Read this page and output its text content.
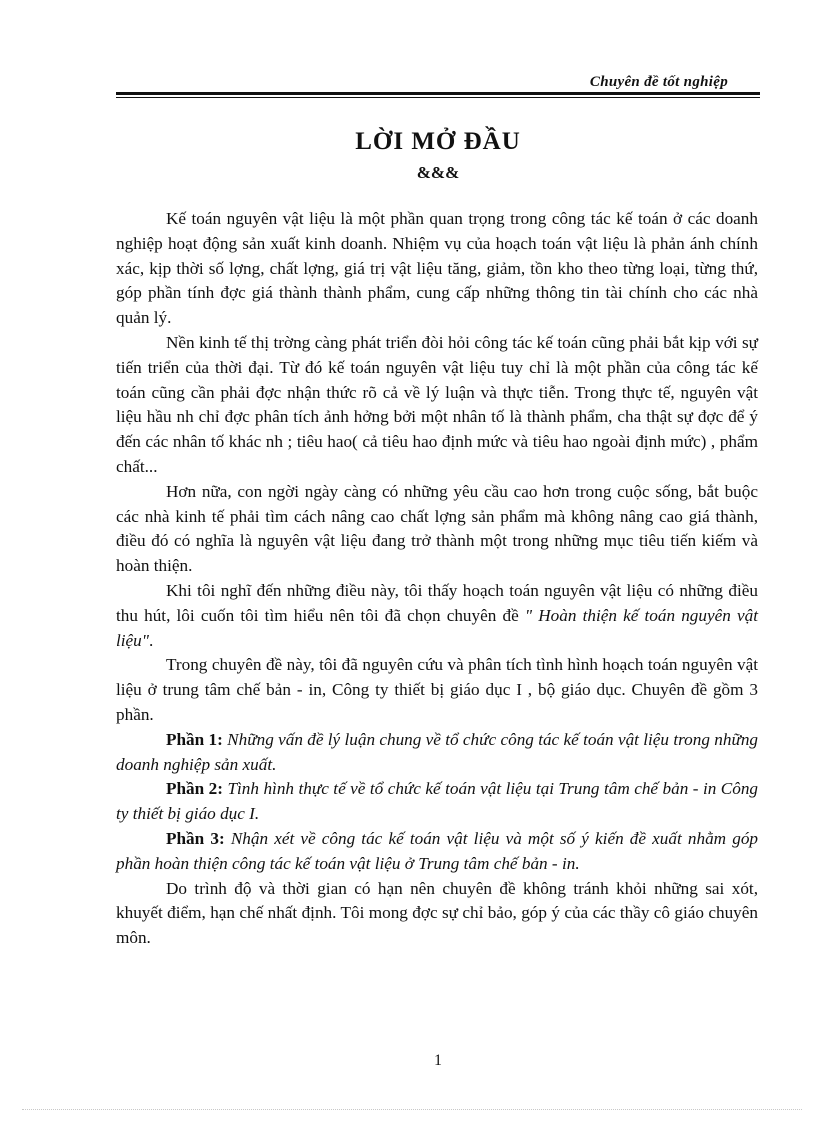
Chuyên đề tốt nghiệp
LỜI MỞ ĐẦU
&&&

Kế toán nguyên vật liệu là một phần quan trọng trong công tác kế toán ở các doanh nghiệp hoạt động sản xuất kinh doanh. Nhiệm vụ của hoạch toán vật liệu là phản ánh chính xác, kịp thời số lợng, chất lợng, giá trị vật liệu tăng, giảm, tồn kho theo từng loại, từng thứ, góp phần tính đợc giá thành thành phẩm, cung cấp những thông tin tài chính cho các nhà quản lý.

Nền kinh tế thị trờng càng phát triển đòi hỏi công tác kế toán cũng phải bắt kịp với sự tiến triển của thời đại. Từ đó kế toán nguyên vật liệu tuy chỉ là một phần của công tác kế toán cũng cần phải đợc nhận thức rõ cả về lý luận và thực tiễn. Trong thực tế, nguyên vật liệu hầu nh chỉ đợc phân tích ảnh hởng bởi một nhân tố là thành phẩm, cha thật sự đợc để ý đến các nhân tố khác nh ; tiêu hao( cả tiêu hao định mức và tiêu hao ngoài định mức) , phẩm chất...

Hơn nữa, con ngời ngày càng có những yêu cầu cao hơn trong cuộc sống, bắt buộc các nhà kinh tế phải tìm cách nâng cao chất lợng sản phẩm mà không nâng cao giá thành, điều đó có nghĩa là nguyên vật liệu đang trở thành một trong những mục tiêu tiến kiếm và hoàn thiện.

Khi tôi nghĩ đến những điều này, tôi thấy hoạch toán nguyên vật liệu có những điều thu hút, lôi cuốn tôi tìm hiểu nên tôi đã chọn chuyên đề " Hoàn thiện kế toán nguyên vật liệu".

Trong chuyên đề này, tôi đã nguyên cứu và phân tích tình hình hoạch toán nguyên vật liệu ở trung tâm chế bản - in, Công ty thiết bị giáo dục I , bộ giáo dục. Chuyên đề gồm 3 phần.

Phần 1: Những vấn đề lý luận chung về tổ chức công tác kế toán vật liệu trong những doanh nghiệp sản xuất.

Phần 2: Tình hình thực tế về tổ chức kế toán vật liệu tại Trung tâm chế bản - in Công ty thiết bị giáo dục I.

Phần 3: Nhận xét về công tác kế toán vật liệu và một số ý kiến đề xuất nhằm góp phần hoàn thiện công tác kế toán vật liệu ở Trung tâm chế bản - in.

Do trình độ và thời gian có hạn nên chuyên đề không tránh khỏi những sai xót, khuyết điểm, hạn chế nhất định. Tôi mong đợc sự chỉ bảo, góp ý của các thầy cô giáo chuyên môn.

1
